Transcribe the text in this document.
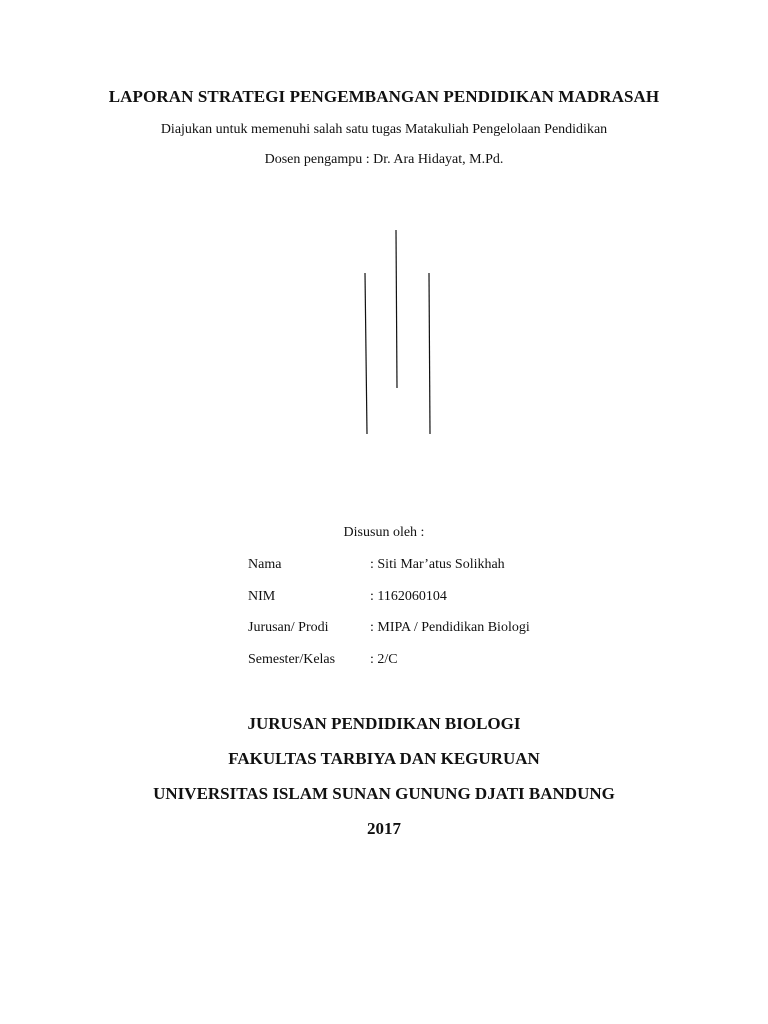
LAPORAN STRATEGI PENGEMBANGAN PENDIDIKAN MADRASAH
Diajukan untuk memenuhi salah satu tugas Matakuliah Pengelolaan Pendidikan
Dosen pengampu : Dr. Ara Hidayat, M.Pd.
Disusun oleh :
Nama	: Siti Mar’atus Solikhah
NIM	: 1162060104
Jurusan/ Prodi	: MIPA / Pendidikan Biologi
Semester/Kelas : 2/C
JURUSAN PENDIDIKAN BIOLOGI
FAKULTAS TARBIYA DAN KEGURUAN
UNIVERSITAS ISLAM SUNAN GUNUNG DJATI BANDUNG
2017
